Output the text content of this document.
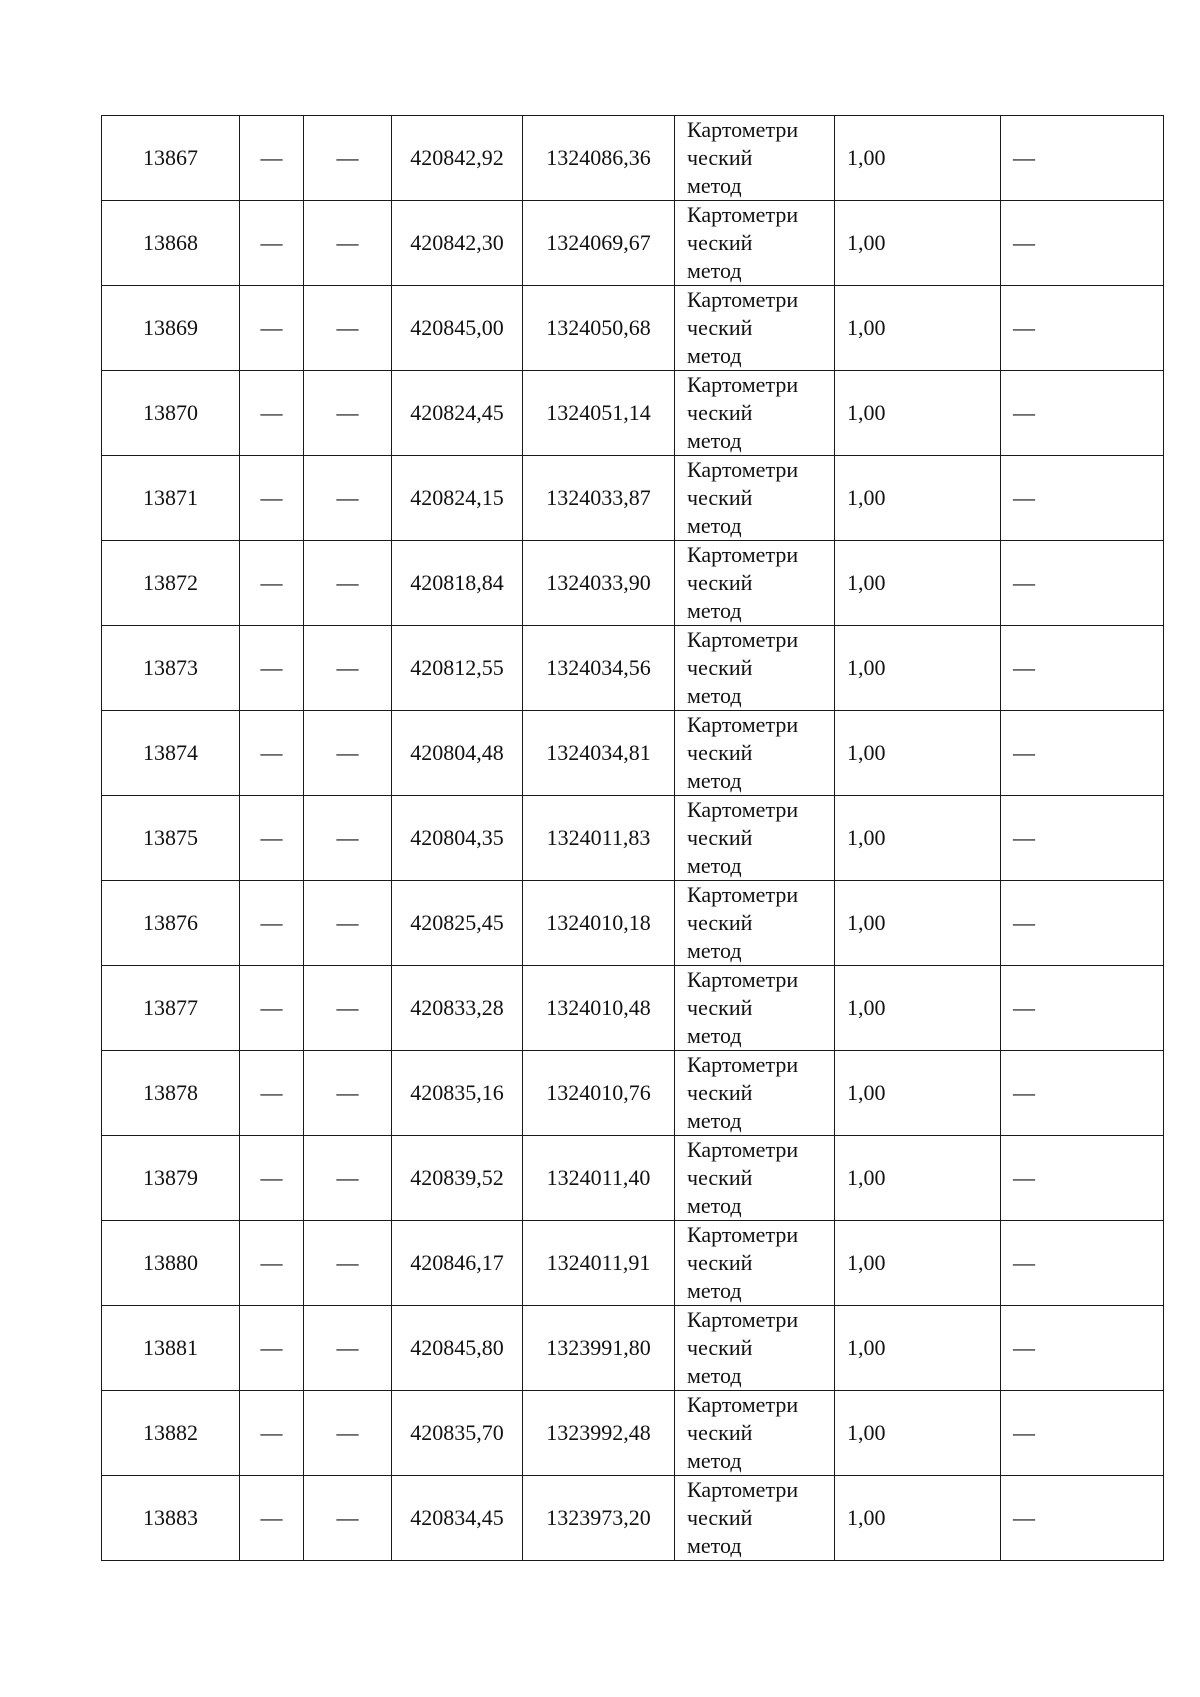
13867	—	—	420842,92	1324086,36	Картометри
ческий
метод	1,00	—
13868	—	—	420842,30	1324069,67	Картометри
ческий
метод	1,00	—
13869	—	—	420845,00	1324050,68	Картометри
ческий
метод	1,00	—
13870	—	—	420824,45	1324051,14	Картометри
ческий
метод	1,00	—
13871	—	—	420824,15	1324033,87	Картометри
ческий
метод	1,00	—
13872	—	—	420818,84	1324033,90	Картометри
ческий
метод	1,00	—
13873	—	—	420812,55	1324034,56	Картометри
ческий
метод	1,00	—
13874	—	—	420804,48	1324034,81	Картометри
ческий
метод	1,00	—
13875	—	—	420804,35	1324011,83	Картометри
ческий
метод	1,00	—
13876	—	—	420825,45	1324010,18	Картометри
ческий
метод	1,00	—
13877	—	—	420833,28	1324010,48	Картометри
ческий
метод	1,00	—
13878	—	—	420835,16	1324010,76	Картометри
ческий
метод	1,00	—
13879	—	—	420839,52	1324011,40	Картометри
ческий
метод	1,00	—
13880	—	—	420846,17	1324011,91	Картометри
ческий
метод	1,00	—
13881	—	—	420845,80	1323991,80	Картометри
ческий
метод	1,00	—
13882	—	—	420835,70	1323992,48	Картометри
ческий
метод	1,00	—
13883	—	—	420834,45	1323973,20	Картометри
ческий
метод	1,00	—
